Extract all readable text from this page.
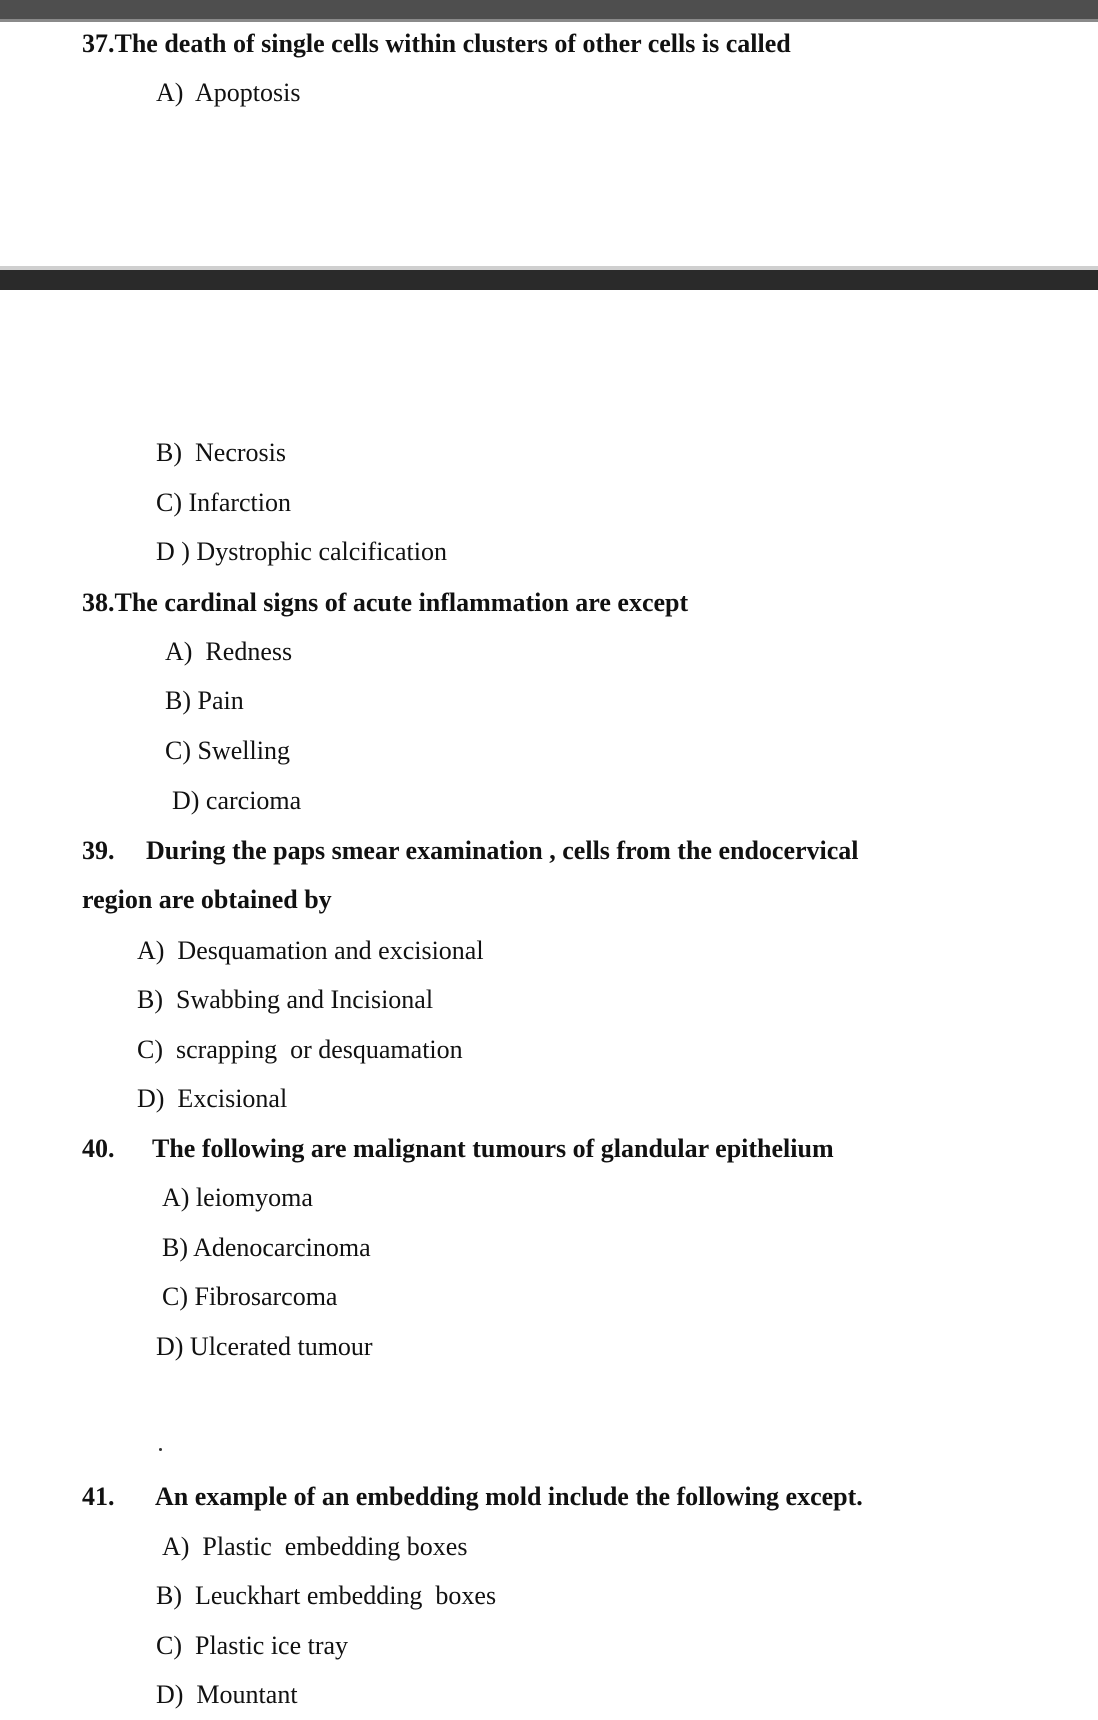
37.The death of single cells within clusters of other cells is called
A)  Apoptosis
B)  Necrosis
C) Infarction
D ) Dystrophic calcification
38.The cardinal signs of acute inflammation are except
A)  Redness
B) Pain
C) Swelling
D) carcioma
39. During the paps smear examination , cells from the endocervical
region are obtained by
A)  Desquamation and excisional
B)  Swabbing and Incisional
C)  scrapping  or desquamation
D)  Excisional
40. The following are malignant tumours of glandular epithelium
A) leiomyoma
B) Adenocarcinoma
C) Fibrosarcoma
D) Ulcerated tumour
41. An example of an embedding mold include the following except.
A)  Plastic  embedding boxes
B)  Leuckhart embedding  boxes
C)  Plastic ice tray
D)  Mountant
